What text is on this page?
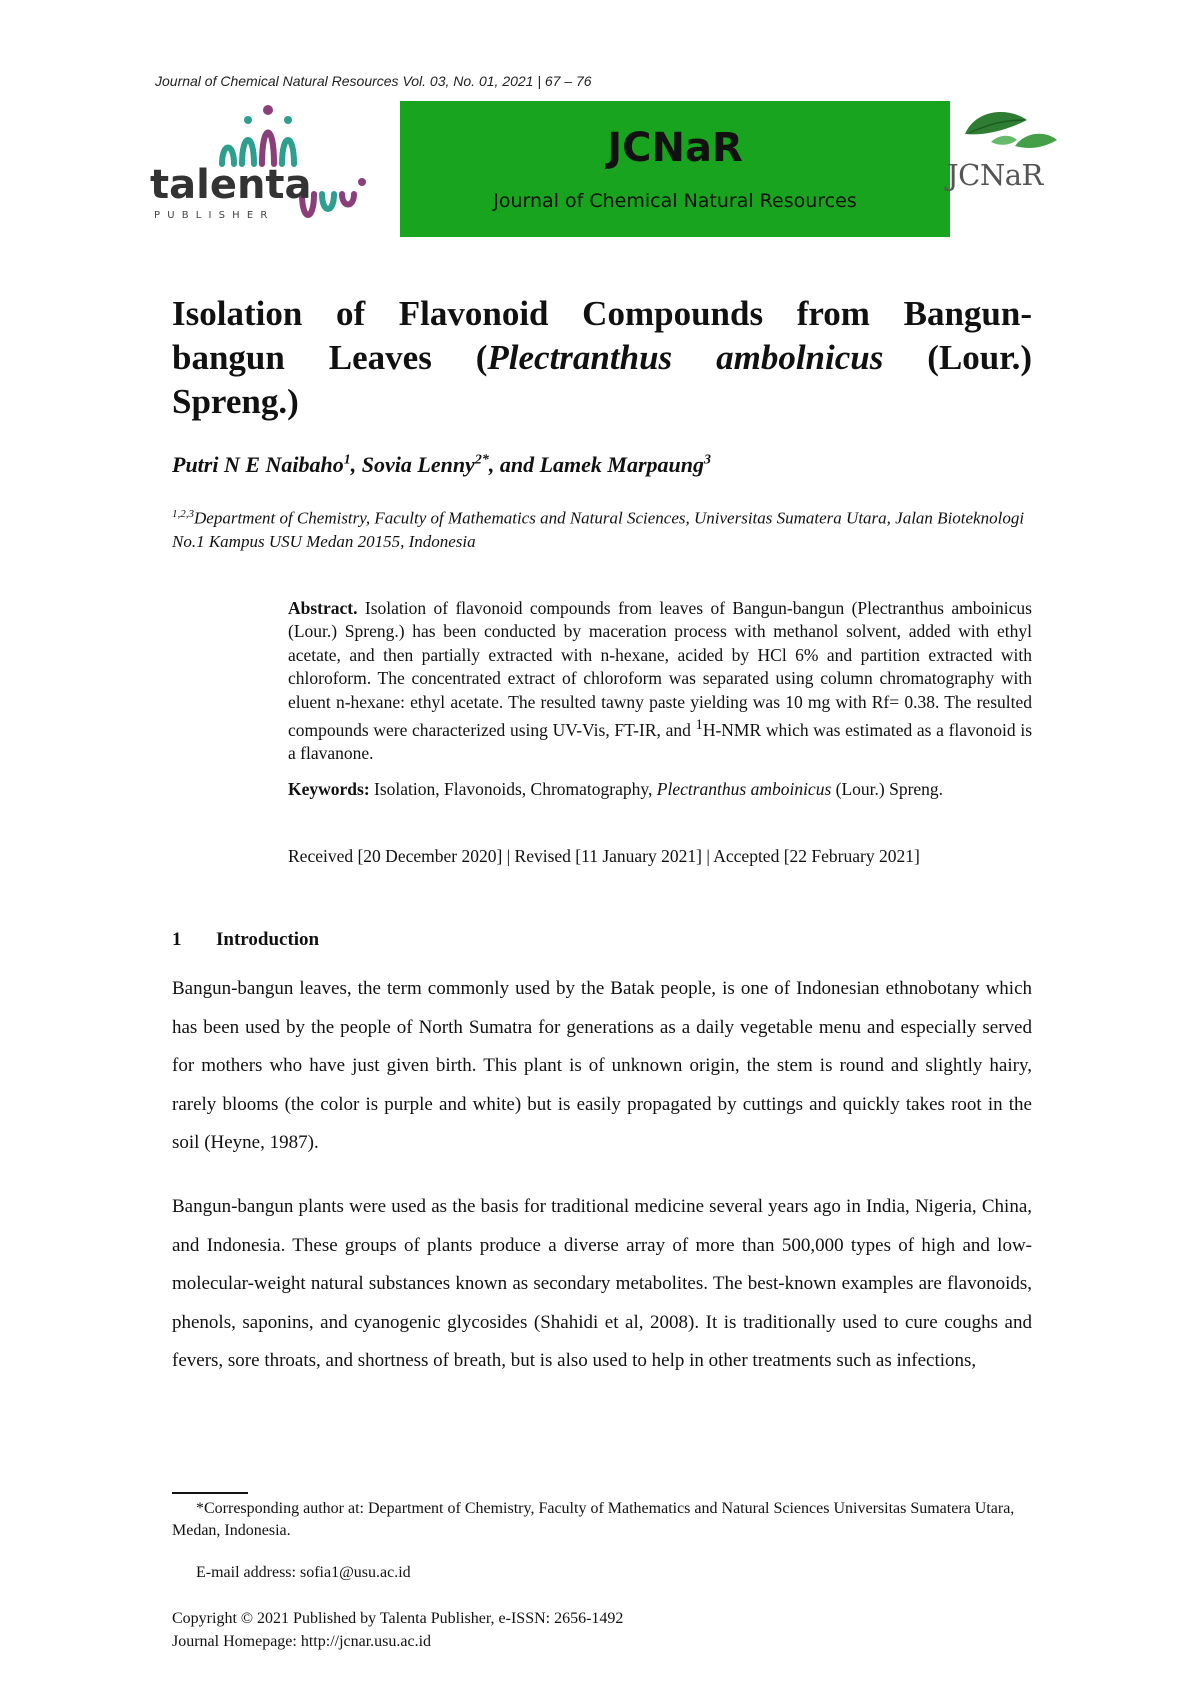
Journal of Chemical Natural Resources Vol. 03, No. 01, 2021 | 67 – 76
talenta
P U B L I S H E R
JCNaR
Journal of Chemical Natural Resources
JCNaR
Isolation of Flavonoid Compounds from Bangun-
bangun Leaves (Plectranthus ambolnicus (Lour.)
Spreng.)
Putri N E Naibaho$^1$, Sovia Lenny$^{2*}$, and Lamek Marpaung$^3$
$^{1,2,3}$Department of Chemistry, Faculty of Mathematics and Natural Sciences, Universitas Sumatera Utara, Jalan Bioteknologi No.1 Kampus USU Medan 20155, Indonesia
Abstract. Isolation of flavonoid compounds from leaves of Bangun-bangun (Plectranthus amboinicus (Lour.) Spreng.) has been conducted by maceration process with methanol solvent, added with ethyl acetate, and then partially extracted with n-hexane, acided by HCl 6% and partition extracted with chloroform. The concentrated extract of chloroform was separated using column chromatography with eluent n-hexane: ethyl acetate. The resulted tawny paste yielding was 10 mg with Rf= 0.38. The resulted compounds were characterized using UV-Vis, FT-IR, and $^1$H-NMR which was estimated as a flavonoid is a flavanone.
Keywords: Isolation, Flavonoids, Chromatography, Plectranthus amboinicus (Lour.) Spreng.
Received [20 December 2020] | Revised [11 January 2021] | Accepted [22 February 2021]
1 Introduction
Bangun-bangun leaves, the term commonly used by the Batak people, is one of Indonesian ethnobotany which has been used by the people of North Sumatra for generations as a daily vegetable menu and especially served for mothers who have just given birth. This plant is of unknown origin, the stem is round and slightly hairy, rarely blooms (the color is purple and white) but is easily propagated by cuttings and quickly takes root in the soil (Heyne, 1987).
Bangun-bangun plants were used as the basis for traditional medicine several years ago in India, Nigeria, China, and Indonesia. These groups of plants produce a diverse array of more than 500,000 types of high and low-molecular-weight natural substances known as secondary metabolites. The best-known examples are flavonoids, phenols, saponins, and cyanogenic glycosides (Shahidi et al, 2008). It is traditionally used to cure coughs and fevers, sore throats, and shortness of breath, but is also used to help in other treatments such as infections,
*Corresponding author at: Department of Chemistry, Faculty of Mathematics and Natural Sciences Universitas Sumatera Utara, Medan, Indonesia.
E-mail address: sofia1@usu.ac.id
Copyright © 2021 Published by Talenta Publisher, e-ISSN: 2656-1492
Journal Homepage: http://jcnar.usu.ac.id
